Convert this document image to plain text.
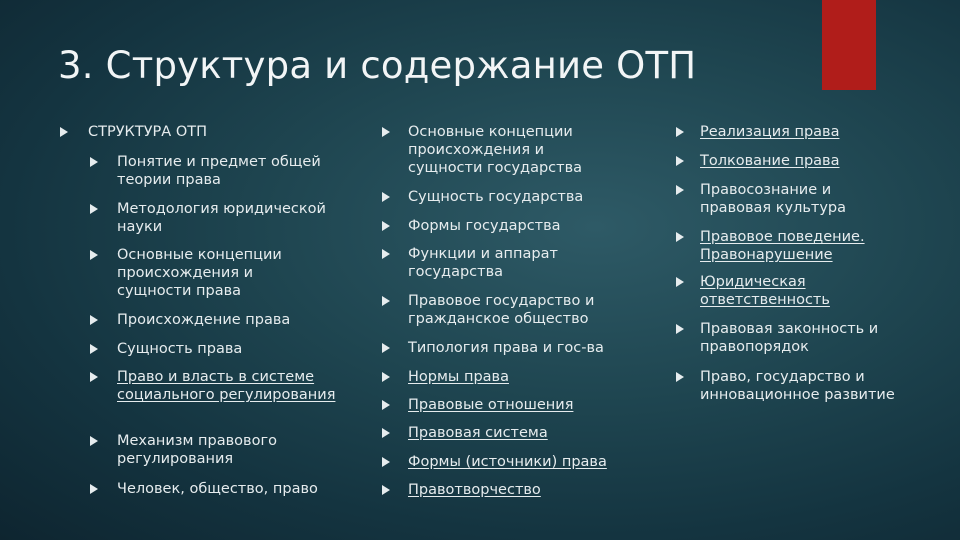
3. Структура и содержание ОТП
СТРУКТУРА ОТП
Понятие и предмет общей теории права
Методология юридической науки
Основные концепции происхождения и сущности права
Происхождение права
Сущность права
Право и власть в системе социального регулирования
Механизм правового регулирования
Человек, общество, право
Основные концепции происхождения и сущности государства
Сущность государства
Формы государства
Функции и аппарат государства
Правовое государство и гражданское общество
Типология права и гос-ва
Нормы права
Правовые отношения
Правовая система
Формы (источники) права
Правотворчество
Реализация права
Толкование права
Правосознание и правовая культура
Правовое поведение. Правонарушение
Юридическая ответственность
Правовая законность и правопорядок
Право, государство и инновационное развитие
